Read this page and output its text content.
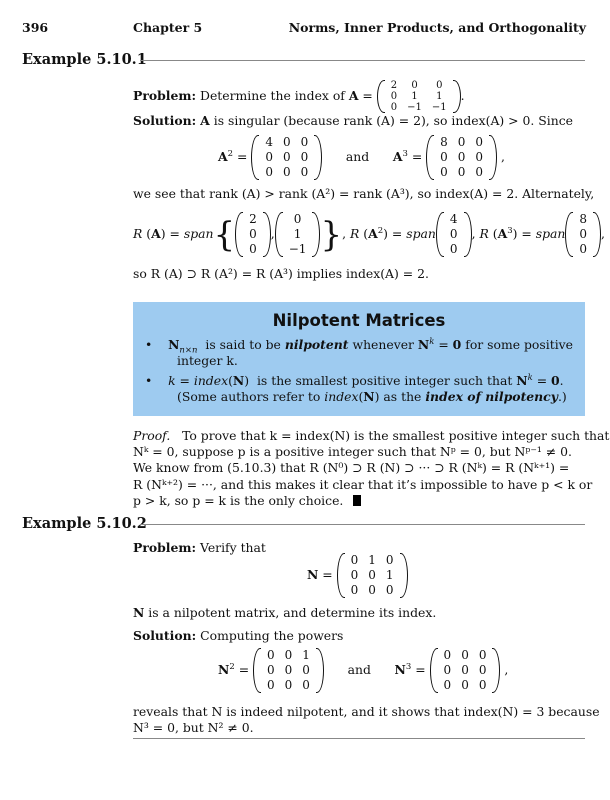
396	Chapter 5	Norms, Inner Products, and Orthogonality
Example 5.10.1
Problem: Determine the index of A =
2	0	0
0	1	1
0	−1	−1
.
Solution: A is singular (because rank (A) = 2), so index(A) > 0. Since
$A^2$ =
4	0	0
0	0	0
0	0	0
and $A^3$ =
8	0	0
0	0	0
0	0	0
,
we see that rank (A) > rank (A²) = rank (A³), so index(A) = 2. Alternately,
R (A) = span{ 2
0
0
,
0
1
−1 }, R $(A^2)$ = span
4
0
0
, R $(A^3)$ = span
8
0
0
,
so R (A) ⊃ R (A²) = R (A³) implies index(A) = 2.
Nilpotent Matrices
•    $N_{n\times n}$ is said to be nilpotent whenever $N^k = 0$ for some positive
integer k.
•    k = index(N)  is the smallest positive integer such that $N^k = 0$.
(Some authors refer to index(N) as the index of nilpotency.)
Proof. To prove that k = index(N) is the smallest positive integer such that
Nᵏ = 0, suppose p is a positive integer such that Nᵖ = 0, but Nᵖ⁻¹ ≠ 0.
We know from (5.10.3) that R (N⁰) ⊃ R (N) ⊃ ··· ⊃ R (Nᵏ) = R (Nᵏ⁺¹) =
R (Nᵏ⁺²) = ···, and this makes it clear that it’s impossible to have p < k or
p > k, so p = k is the only choice.
Example 5.10.2
Problem: Verify that
N =
0	1	0
0	0	1
0	0	0
N is a nilpotent matrix, and determine its index.
Solution: Computing the powers
$N^2$ =
0	0	1
0	0	0
0	0	0
and $N^3$ =
0	0	0
0	0	0
0	0	0
,
reveals that N is indeed nilpotent, and it shows that index(N) = 3 because
N³ = 0, but N² ≠ 0.
